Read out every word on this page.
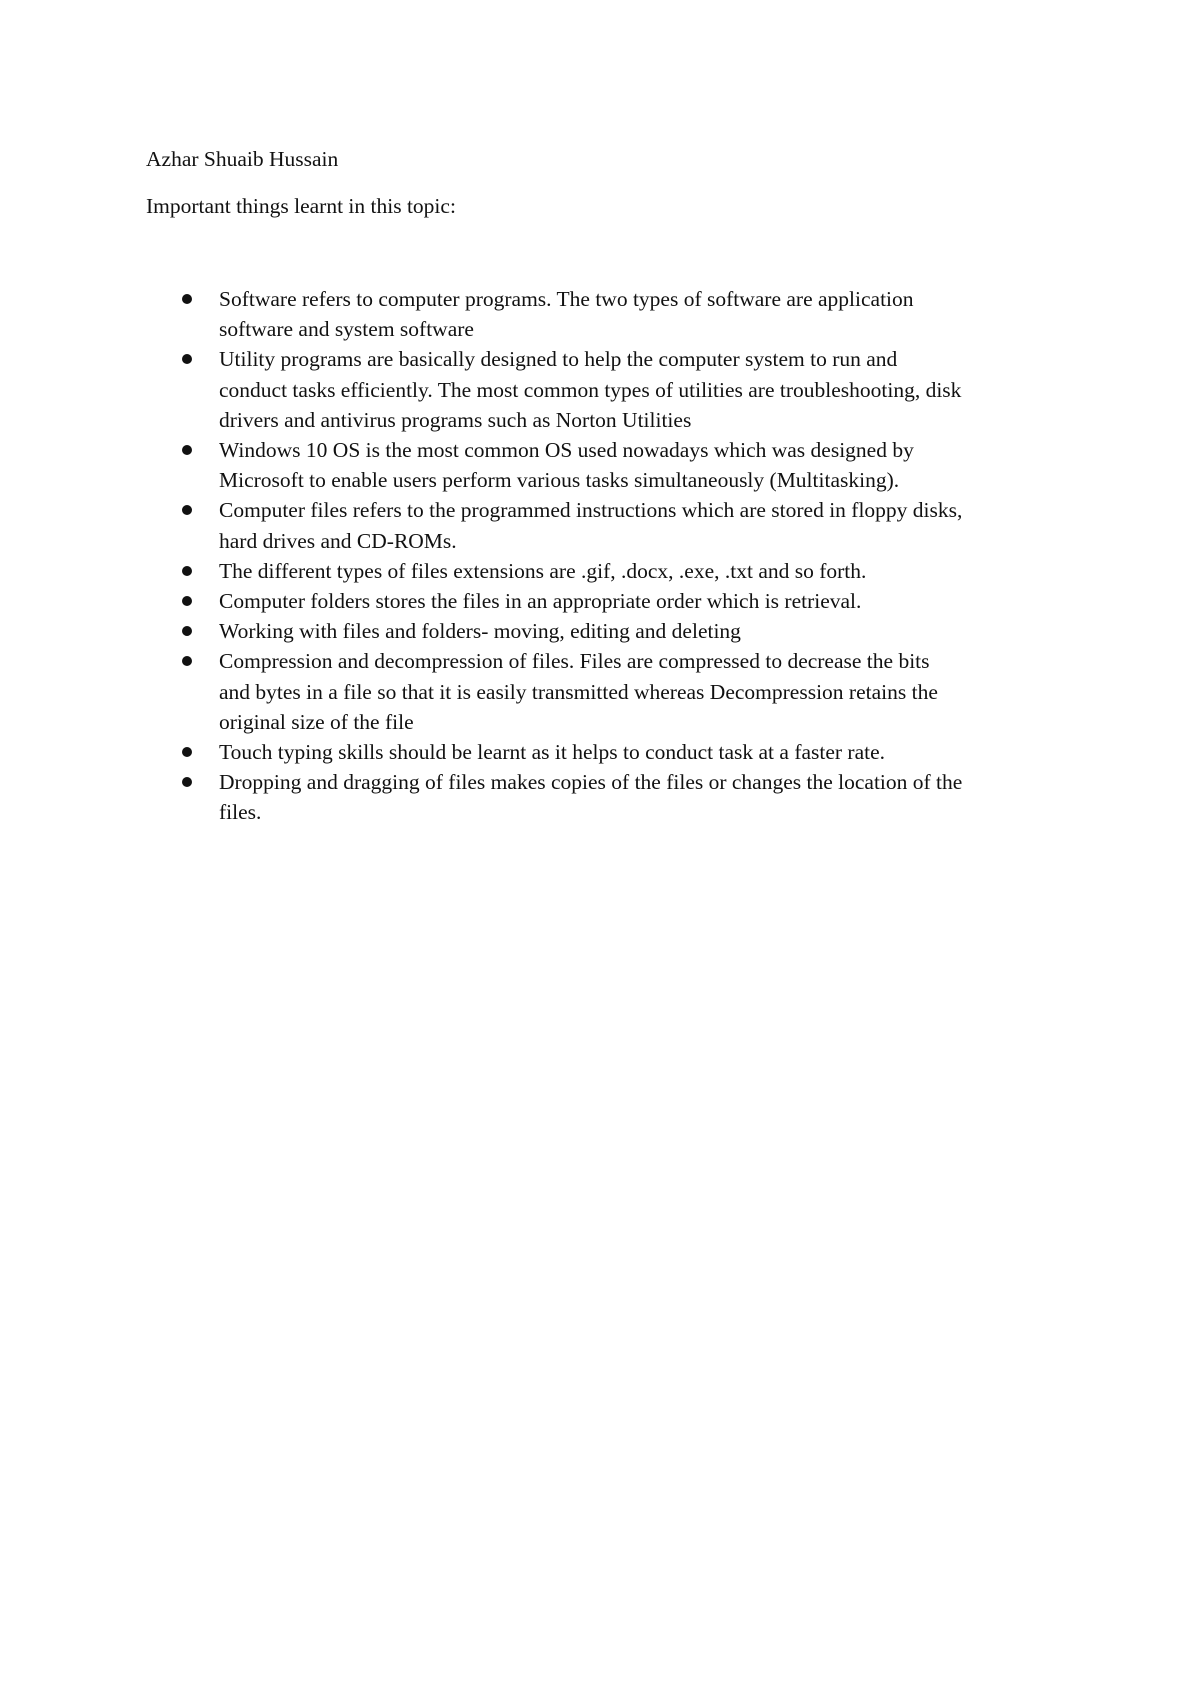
Azhar Shuaib Hussain
Important things learnt in this topic:
Software refers to computer programs. The two types of software are application
software and system software
Utility programs are basically designed to help the computer system to run and
conduct tasks efficiently. The most common types of utilities are troubleshooting, disk
drivers and antivirus programs such as Norton Utilities
Windows 10 OS is the most common OS used nowadays which was designed by
Microsoft to enable users perform various tasks simultaneously (Multitasking).
Computer files refers to the programmed instructions which are stored in floppy disks,
hard drives and CD-ROMs.
The different types of files extensions are .gif, .docx, .exe, .txt and so forth.
Computer folders stores the files in an appropriate order which is retrieval.
Working with files and folders- moving, editing and deleting
Compression and decompression of files. Files are compressed to decrease the bits
and bytes in a file so that it is easily transmitted whereas Decompression retains the
original size of the file
Touch typing skills should be learnt as it helps to conduct task at a faster rate.
Dropping and dragging of files makes copies of the files or changes the location of the
files.
